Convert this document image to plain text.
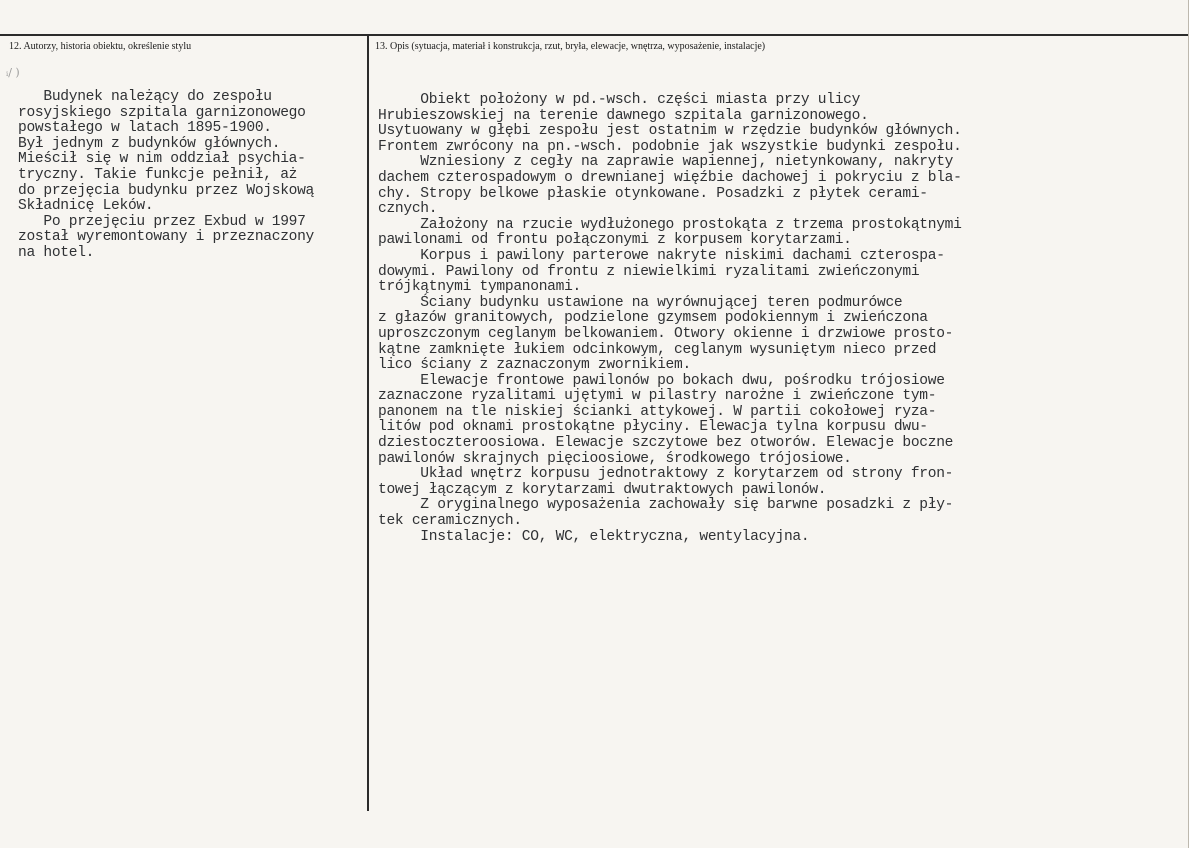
12. Autorzy, historia obiektu, określenie stylu	13. Opis (sytuacja, materiał i konstrukcja, rzut, bryła, elewacje, wnętrza, wyposażenie, instalacje)
ᵢ/ )
Budynek należący do zespołu
rosyjskiego szpitala garnizonowego
powstałego w latach 1895-1900.
Był jednym z budynków głównych.
Mieścił się w nim oddział psychia-
tryczny. Takie funkcje pełnił, aż
do przejęcia budynku przez Wojskową
Składnicę Leków.
Po przejęciu przez Exbud w 1997
został wyremontowany i przeznaczony
na hotel.
Obiekt położony w pd.-wsch. części miasta przy ulicy
Hrubieszowskiej na terenie dawnego szpitala garnizonowego.
Usytuowany w głębi zespołu jest ostatnim w rzędzie budynków głównych.
Frontem zwrócony na pn.-wsch. podobnie jak wszystkie budynki zespołu.
Wzniesiony z cegły na zaprawie wapiennej, nietynkowany, nakryty
dachem czterospadowym o drewnianej więźbie dachowej i pokryciu z bla-
chy. Stropy belkowe płaskie otynkowane. Posadzki z płytek cerami-
cznych.
Założony na rzucie wydłużonego prostokąta z trzema prostokątnymi
pawilonami od frontu połączonymi z korpusem korytarzami.
Korpus i pawilony parterowe nakryte niskimi dachami czterospa-
dowymi. Pawilony od frontu z niewielkimi ryzalitami zwieńczonymi
trójkątnymi tympanonami.
Ściany budynku ustawione na wyrównującej teren podmurówce
z głazów granitowych, podzielone gzymsem podokiennym i zwieńczona
uproszczonym ceglanym belkowaniem. Otwory okienne i drzwiowe prosto-
kątne zamknięte łukiem odcinkowym, ceglanym wysuniętym nieco przed
lico ściany z zaznaczonym zwornikiem.
Elewacje frontowe pawilonów po bokach dwu, pośrodku trójosiowe
zaznaczone ryzalitami ujętymi w pilastry narożne i zwieńczone tym-
panonem na tle niskiej ścianki attykowej. W partii cokołowej ryza-
litów pod oknami prostokątne płyciny. Elewacja tylna korpusu dwu-
dziestoczteroosiowa. Elewacje szczytowe bez otworów. Elewacje boczne
pawilonów skrajnych pięcioosiowe, środkowego trójosiowe.
Układ wnętrz korpusu jednotraktowy z korytarzem od strony fron-
towej łączącym z korytarzami dwutraktowych pawilonów.
Z oryginalnego wyposażenia zachowały się barwne posadzki z pły-
tek ceramicznych.
Instalacje: CO, WC, elektryczna, wentylacyjna.
